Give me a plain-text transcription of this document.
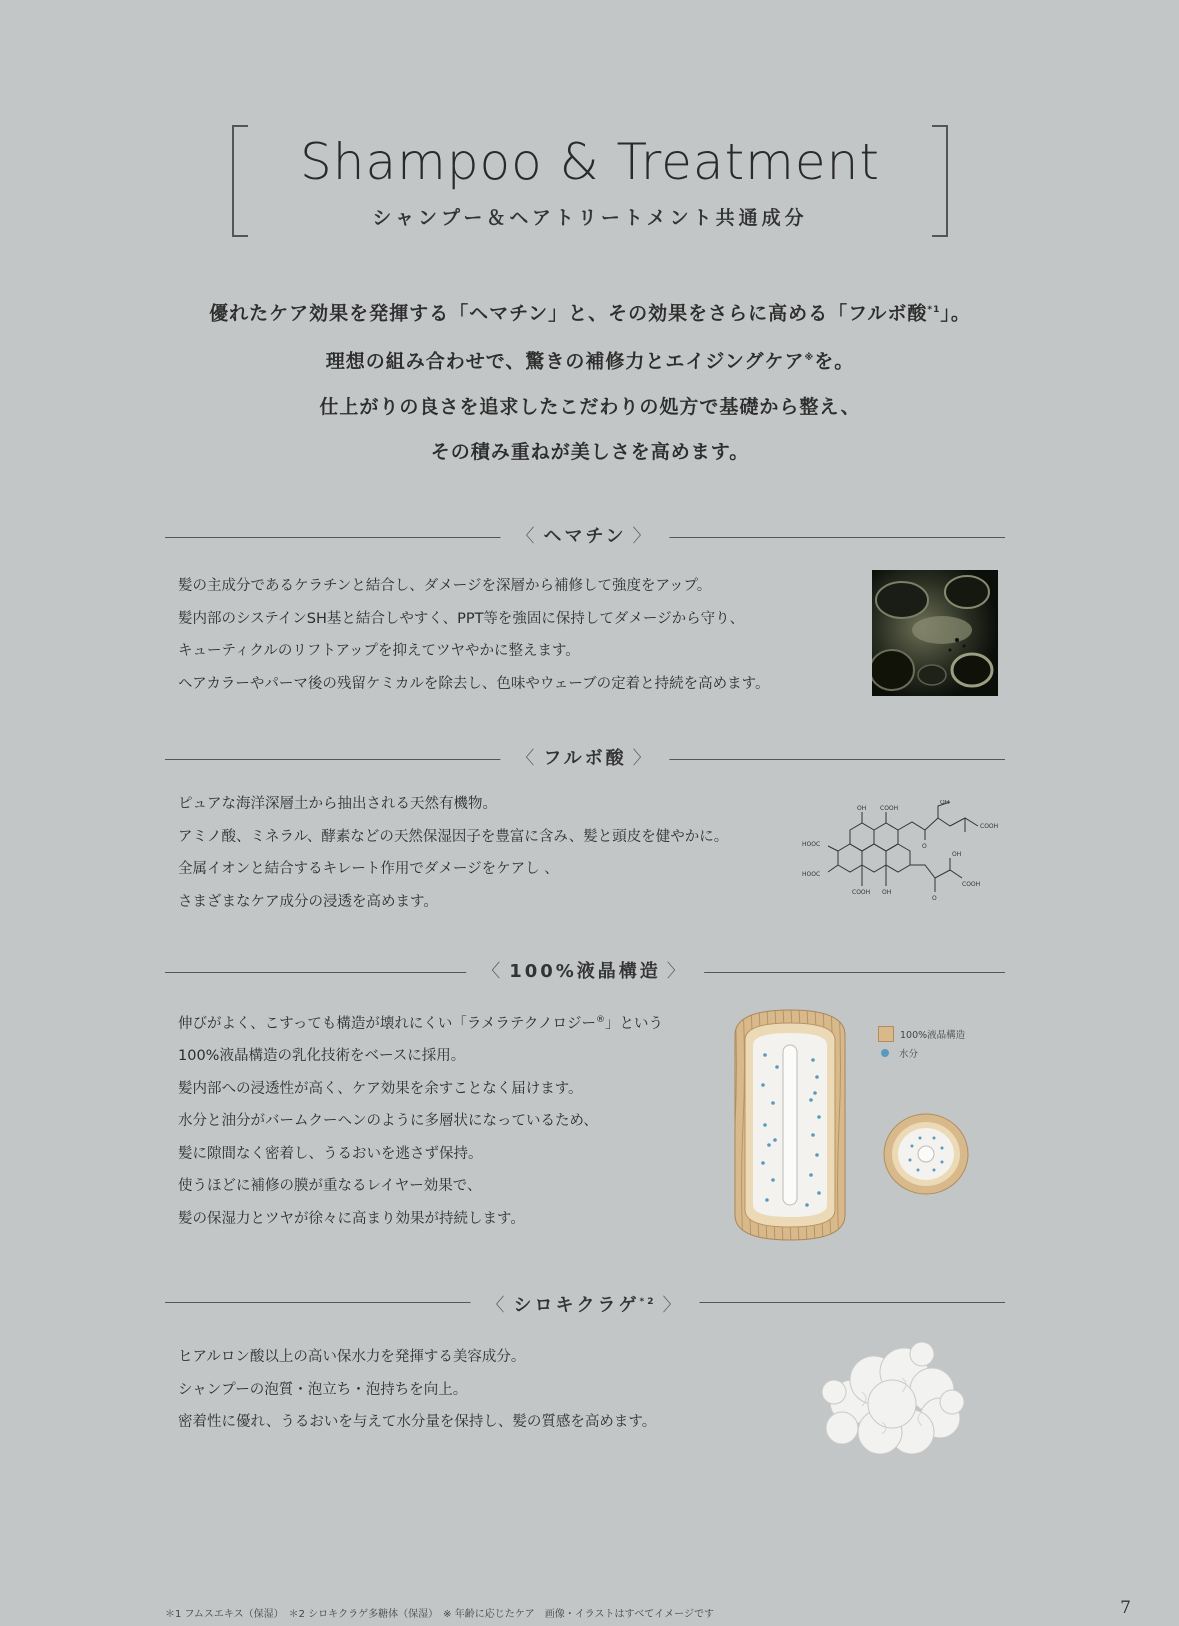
Shampoo & Treatment
シャンプー＆ヘアトリートメント共通成分

優れたケア効果を発揮する「ヘマチン」と、その効果をさらに高める「フルボ酸$^{*1}$」。

理想の組み合わせで、驚きの補修力とエイジングケア※を。

仕上がりの良さを追求したこだわりの処方で基礎から整え、

その積み重ねが美しさを高めます。

〈 ヘマチン 〉

髪の主成分であるケラチンと結合し、ダメージを深層から補修して強度をアップ。

髪内部のシステインSH基と結合しやすく、PPT等を強固に保持してダメージから守り、

キューティクルのリフトアップを抑えてツヤやかに整えます。

ヘアカラーやパーマ後の残留ケミカルを除去し、色味やウェーブの定着と持続を高めます。

〈 フルボ酸 〉

ピュアな海洋深層土から抽出される天然有機物。

アミノ酸、ミネラル、酵素などの天然保湿因子を豊富に含み、髪と頭皮を健やかに。

全属イオンと結合するキレート作用でダメージをケアし 、

さまざまなケア成分の浸透を高めます。

OH COOH
OH
COOH
HOOC
HOOC
COOH OH
OH
COOH
O
O
〈 100%液晶構造 〉

伸びがよく、こすっても構造が壊れにくい「ラメラテクノロジー®」という

100%液晶構造の乳化技術をベースに採用。

髪内部への浸透性が高く、ケア効果を余すことなく届けます。

水分と油分がバームクーヘンのように多層状になっているため、

髪に隙間なく密着し、うるおいを逃さず保持。

使うほどに補修の膜が重なるレイヤー効果で、

髪の保湿力とツヤが徐々に高まり効果が持続します。

100%液晶構造
水分
〈 シロキクラゲ$^{*2}$ 〉

ヒアルロン酸以上の高い保水力を発揮する美容成分。

シャンプーの泡質・泡立ち・泡持ちを向上。

密着性に優れ、うるおいを与えて水分量を保持し、髪の質感を高めます。

＊1 フムスエキス（保湿）　＊2 シロキクラゲ多糖体（保湿）　※ 年齢に応じたケア　画像・イラストはすべてイメージです	7
